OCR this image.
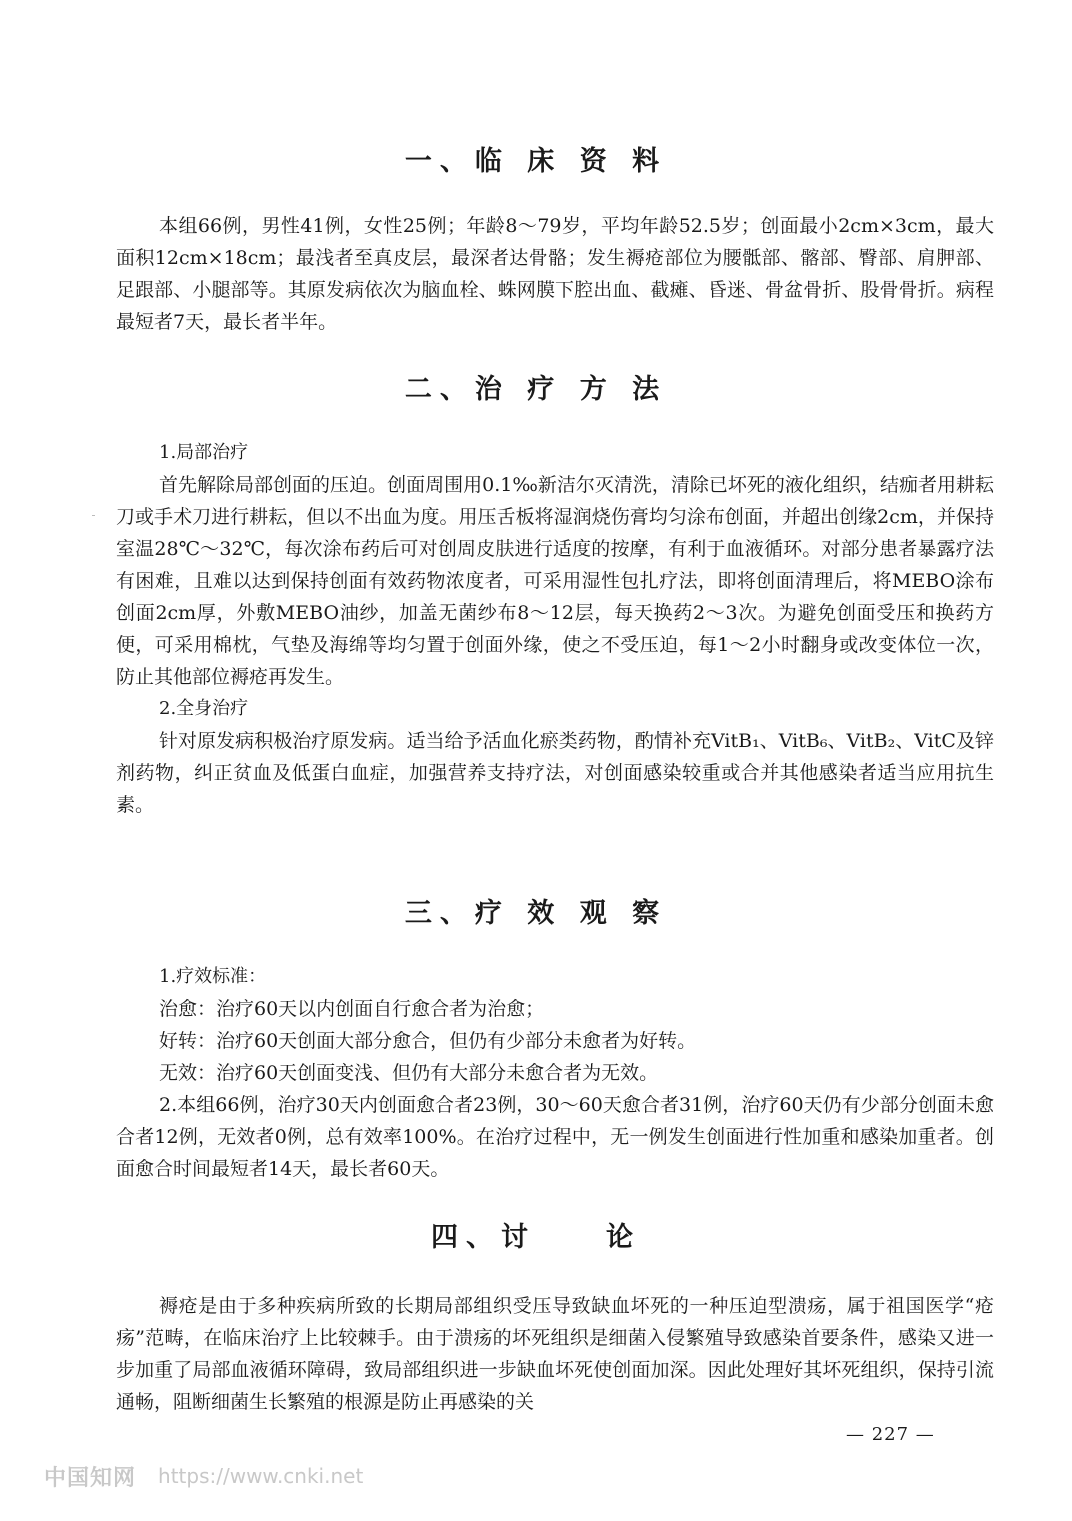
一、临 床 资 料

本组66例，男性41例，女性25例；年龄8～79岁，平均年龄52.5岁；创面最小2cm×3cm，最大面积12cm×18cm；最浅者至真皮层，最深者达骨骼；发生褥疮部位为腰骶部、髂部、臀部、肩胛部、足跟部、小腿部等。其原发病依次为脑血栓、蛛网膜下腔出血、截瘫、昏迷、骨盆骨折、股骨骨折。病程最短者7天，最长者半年。

二、治 疗 方 法

1.局部治疗

首先解除局部创面的压迫。创面周围用0.1‰新洁尔灭清洗，清除已坏死的液化组织，结痂者用耕耘刀或手术刀进行耕耘，但以不出血为度。用压舌板将湿润烧伤膏均匀涂布创面，并超出创缘2cm，并保持室温28℃～32℃，每次涂布药后可对创周皮肤进行适度的按摩，有利于血液循环。对部分患者暴露疗法有困难，且难以达到保持创面有效药物浓度者，可采用湿性包扎疗法，即将创面清理后，将MEBO涂布创面2cm厚，外敷MEBO油纱，加盖无菌纱布8～12层，每天换药2～3次。为避免创面受压和换药方便，可采用棉枕，气垫及海绵等均匀置于创面外缘，使之不受压迫，每1～2小时翻身或改变体位一次，防止其他部位褥疮再发生。

2.全身治疗

针对原发病积极治疗原发病。适当给予活血化瘀类药物，酌情补充VitB₁、VitB₆、VitB₂、VitC及锌剂药物，纠正贫血及低蛋白血症，加强营养支持疗法，对创面感染较重或合并其他感染者适当应用抗生素。

三、疗 效 观 察

1.疗效标准：

治愈：治疗60天以内创面自行愈合者为治愈；

好转：治疗60天创面大部分愈合，但仍有少部分未愈者为好转。

无效：治疗60天创面变浅、但仍有大部分未愈合者为无效。

2.本组66例，治疗30天内创面愈合者23例，30～60天愈合者31例，治疗60天仍有少部分创面未愈合者12例，无效者0例，总有效率100%。在治疗过程中，无一例发生创面进行性加重和感染加重者。创面愈合时间最短者14天，最长者60天。

四、讨　　论

褥疮是由于多种疾病所致的长期局部组织受压导致缺血坏死的一种压迫型溃疡，属于祖国医学“疮疡”范畴，在临床治疗上比较棘手。由于溃疡的坏死组织是细菌入侵繁殖导致感染首要条件，感染又进一步加重了局部血液循环障碍，致局部组织进一步缺血坏死使创面加深。因此处理好其坏死组织，保持引流通畅，阻断细菌生长繁殖的根源是防止再感染的关

— 227 —
中国知网 https://www.cnki.net
